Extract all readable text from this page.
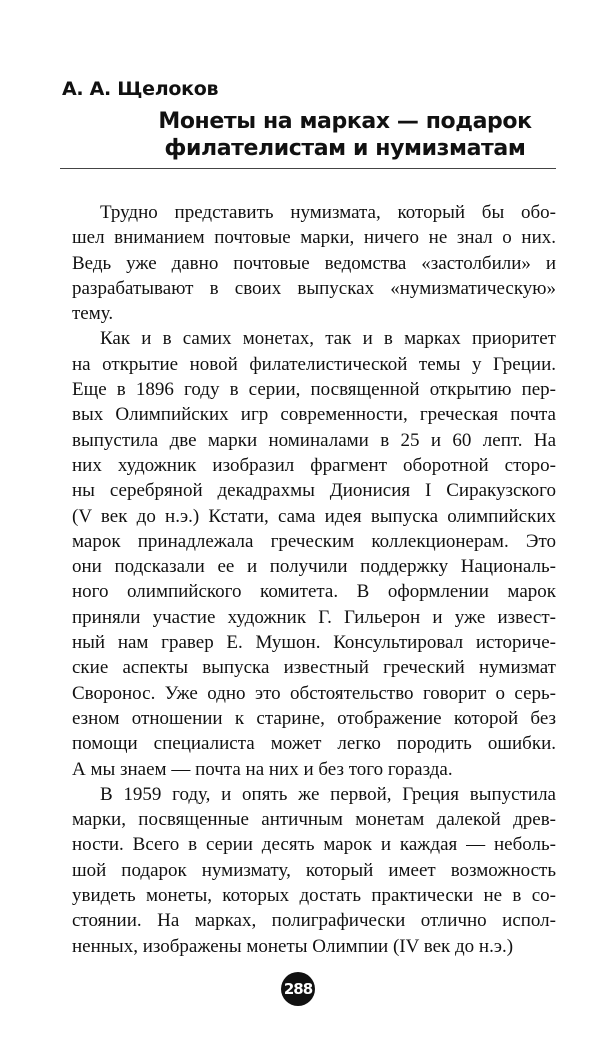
А. А. Щелоков
Монеты на марках — подарок
филателистам и нумизматам
Трудно представить нумизмата, который бы обо-
шел вниманием почтовые марки, ничего не знал о них.
Ведь уже давно почтовые ведомства «застолбили» и
разрабатывают в своих выпусках «нумизматическую»
тему.
Как и в самих монетах, так и в марках приоритет
на открытие новой филателистической темы у Греции.
Еще в 1896 году в серии, посвященной открытию пер-
вых Олимпийских игр современности, греческая почта
выпустила две марки номиналами в 25 и 60 лепт. На
них художник изобразил фрагмент оборотной сторо-
ны серебряной декадрахмы Дионисия I Сиракузского
(V век до н.э.) Кстати, сама идея выпуска олимпийских
марок принадлежала греческим коллекционерам. Это
они подсказали ее и получили поддержку Националь-
ного олимпийского комитета. В оформлении марок
приняли участие художник Г. Гильерон и уже извест-
ный нам гравер Е. Мушон. Консультировал историче-
ские аспекты выпуска известный греческий нумизмат
Своронос. Уже одно это обстоятельство говорит о серь-
езном отношении к старине, отображение которой без
помощи специалиста может легко породить ошибки.
А мы знаем — почта на них и без того горазда.
В 1959 году, и опять же первой, Греция выпустила
марки, посвященные античным монетам далекой древ-
ности. Всего в серии десять марок и каждая — неболь-
шой подарок нумизмату, который имеет возможность
увидеть монеты, которых достать практически не в со-
стоянии. На марках, полиграфически отлично испол-
ненных, изображены монеты Олимпии (IV век до н.э.)
288
